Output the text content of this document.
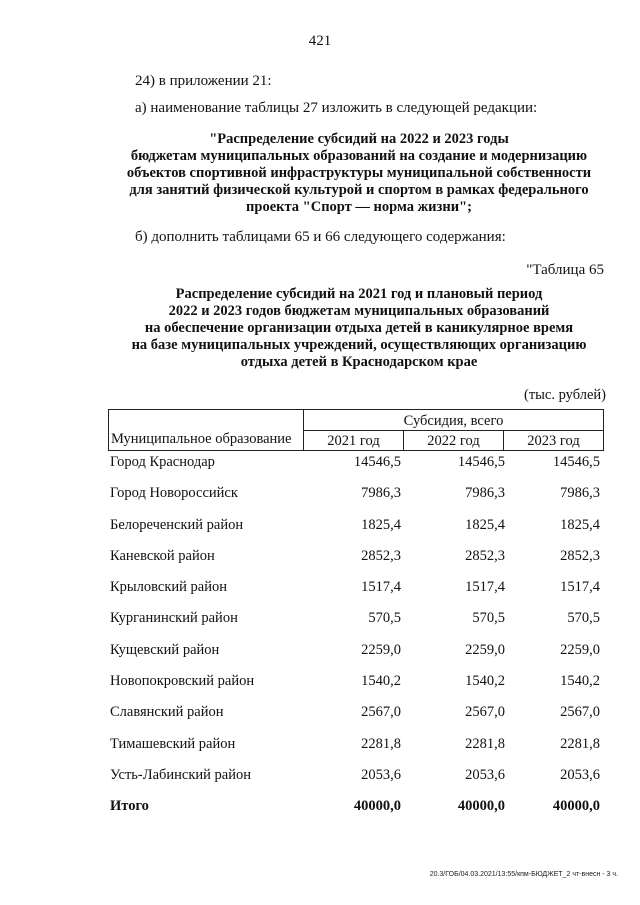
421
24) в приложении 21:
а) наименование таблицы 27 изложить в следующей редакции:
"Распределение субсидий на 2022 и 2023 годы
бюджетам муниципальных образований на создание и модернизацию
объектов спортивной инфраструктуры муниципальной собственности
для занятий физической культурой и спортом в рамках федерального
проекта "Спорт — норма жизни";
б) дополнить таблицами 65 и 66 следующего содержания:
"Таблица 65
Распределение субсидий на 2021 год и плановый период
2022 и 2023 годов бюджетам муниципальных образований
на обеспечение организации отдыха детей в каникулярное время
на базе муниципальных учреждений, осуществляющих организацию
отдыха детей в Краснодарском крае
(тыс. рублей)
Муниципальное образование	Субсидия, всего		
	2021 год	2022 год	2023 год
Город Краснодар	14546,5	14546,5	14546,5
Город Новороссийск	7986,3	7986,3	7986,3
Белореченский район	1825,4	1825,4	1825,4
Каневской район	2852,3	2852,3	2852,3
Крыловский район	1517,4	1517,4	1517,4
Курганинский район	570,5	570,5	570,5
Кущевский район	2259,0	2259,0	2259,0
Новопокровский район	1540,2	1540,2	1540,2
Славянский район	2567,0	2567,0	2567,0
Тимашевский район	2281,8	2281,8	2281,8
Усть-Лабинский район	2053,6	2053,6	2053,6
Итого	40000,0	40000,0	40000,0
20.3/ГОБ/04.03.2021/13:55/кпм-БЮДЖЕТ_2 чт-внесн - 3 ч.
